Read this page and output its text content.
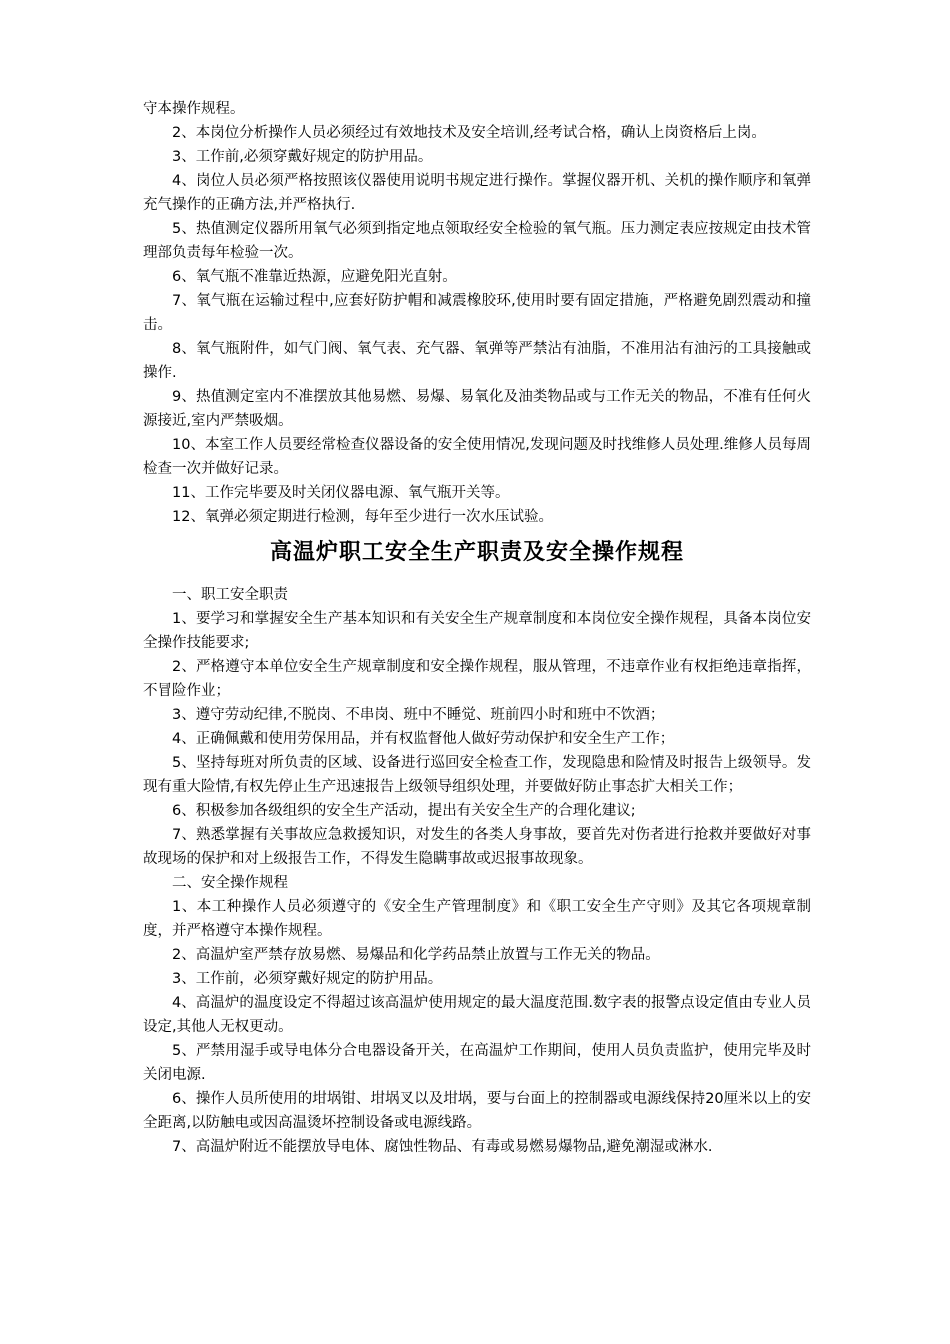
守本操作规程。

2、本岗位分析操作人员必须经过有效地技术及安全培训,经考试合格，确认上岗资格后上岗。

3、工作前,必须穿戴好规定的防护用品。

4、岗位人员必须严格按照该仪器使用说明书规定进行操作。掌握仪器开机、关机的操作顺序和氧弹充气操作的正确方法,并严格执行.

5、热值测定仪器所用氧气必须到指定地点领取经安全检验的氧气瓶。压力测定表应按规定由技术管理部负责每年检验一次。

6、氧气瓶不准靠近热源，应避免阳光直射。

7、氧气瓶在运输过程中,应套好防护帽和减震橡胶环,使用时要有固定措施，严格避免剧烈震动和撞击。

8、氧气瓶附件，如气门阀、氧气表、充气器、氧弹等严禁沾有油脂，不准用沾有油污的工具接触或操作.

9、热值测定室内不准摆放其他易燃、易爆、易氧化及油类物品或与工作无关的物品，不准有任何火源接近,室内严禁吸烟。

10、本室工作人员要经常检查仪器设备的安全使用情况,发现问题及时找维修人员处理.维修人员每周检查一次并做好记录。

11、工作完毕要及时关闭仪器电源、氧气瓶开关等。

12、氧弹必须定期进行检测，每年至少进行一次水压试验。

高温炉职工安全生产职责及安全操作规程

一、职工安全职责

1、要学习和掌握安全生产基本知识和有关安全生产规章制度和本岗位安全操作规程，具备本岗位安全操作技能要求;

2、严格遵守本单位安全生产规章制度和安全操作规程，服从管理，不违章作业有权拒绝违章指挥，不冒险作业；

3、遵守劳动纪律,不脱岗、不串岗、班中不睡觉、班前四小时和班中不饮酒；

4、正确佩戴和使用劳保用品，并有权监督他人做好劳动保护和安全生产工作；

5、坚持每班对所负责的区域、设备进行巡回安全检查工作，发现隐患和险情及时报告上级领导。发现有重大险情,有权先停止生产迅速报告上级领导组织处理，并要做好防止事态扩大相关工作；

6、积极参加各级组织的安全生产活动，提出有关安全生产的合理化建议;

7、熟悉掌握有关事故应急救援知识，对发生的各类人身事故，要首先对伤者进行抢救并要做好对事故现场的保护和对上级报告工作，不得发生隐瞒事故或迟报事故现象。

二、安全操作规程

1、本工种操作人员必须遵守的《安全生产管理制度》和《职工安全生产守则》及其它各项规章制度，并严格遵守本操作规程。

2、高温炉室严禁存放易燃、易爆品和化学药品禁止放置与工作无关的物品。

3、工作前，必须穿戴好规定的防护用品。

4、高温炉的温度设定不得超过该高温炉使用规定的最大温度范围.数字表的报警点设定值由专业人员设定,其他人无权更动。

5、严禁用湿手或导电体分合电器设备开关，在高温炉工作期间，使用人员负责监护，使用完毕及时关闭电源.

6、操作人员所使用的坩埚钳、坩埚叉以及坩埚，要与台面上的控制器或电源线保持20厘米以上的安全距离,以防触电或因高温烫坏控制设备或电源线路。

7、高温炉附近不能摆放导电体、腐蚀性物品、有毒或易燃易爆物品,避免潮湿或淋水.
